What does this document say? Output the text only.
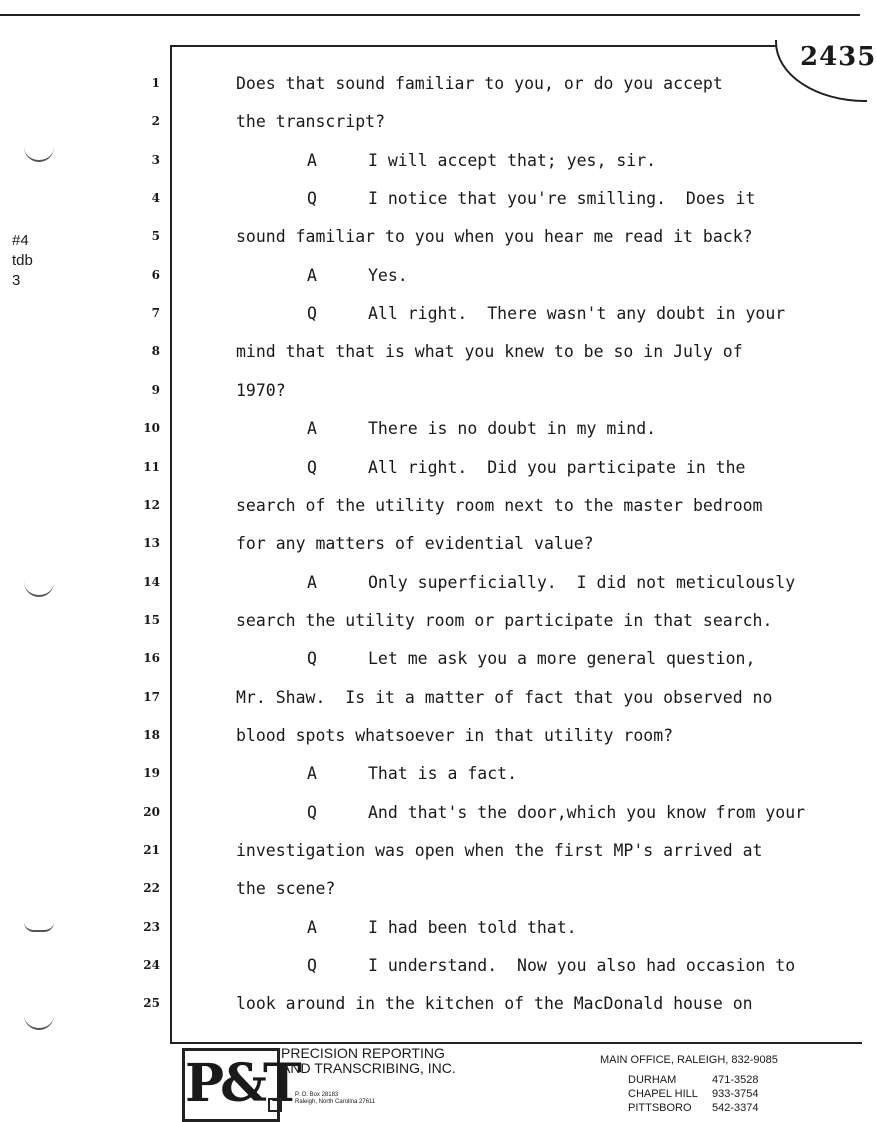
2435
#4
tdb
3
1	Does that sound familiar to you, or do you accept
2	the transcript?
3	A	I will accept that; yes, sir.
4	Q	I notice that you're smilling.  Does it
5	sound familiar to you when you hear me read it back?
6	A	Yes.
7	Q	All right.  There wasn't any doubt in your
8	mind that that is what you knew to be so in July of
9	1970?
10	A	There is no doubt in my mind.
11	Q	All right.  Did you participate in the
12	search of the utility room next to the master bedroom
13	for any matters of evidential value?
14	A	Only superficially.  I did not meticulously
15	search the utility room or participate in that search.
16	Q	Let me ask you a more general question,
17	Mr. Shaw.  Is it a matter of fact that you observed no
18	blood spots whatsoever in that utility room?
19	A	That is a fact.
20	Q	And that's the door,which you know from your
21	investigation was open when the first MP's arrived at
22	the scene?
23	A	I had been told that.
24	Q	I understand.  Now you also had occasion to
25	look around in the kitchen of the MacDonald house on
P&T
PRECISION REPORTING
AND TRANSCRIBING, INC.
P. O. Box 28183
Raleigh, North Carolina 27611
MAIN OFFICE, RALEIGH, 832-9085
DURHAM	471-3528
CHAPEL HILL 933-3754
PITTSBORO 542-3374
